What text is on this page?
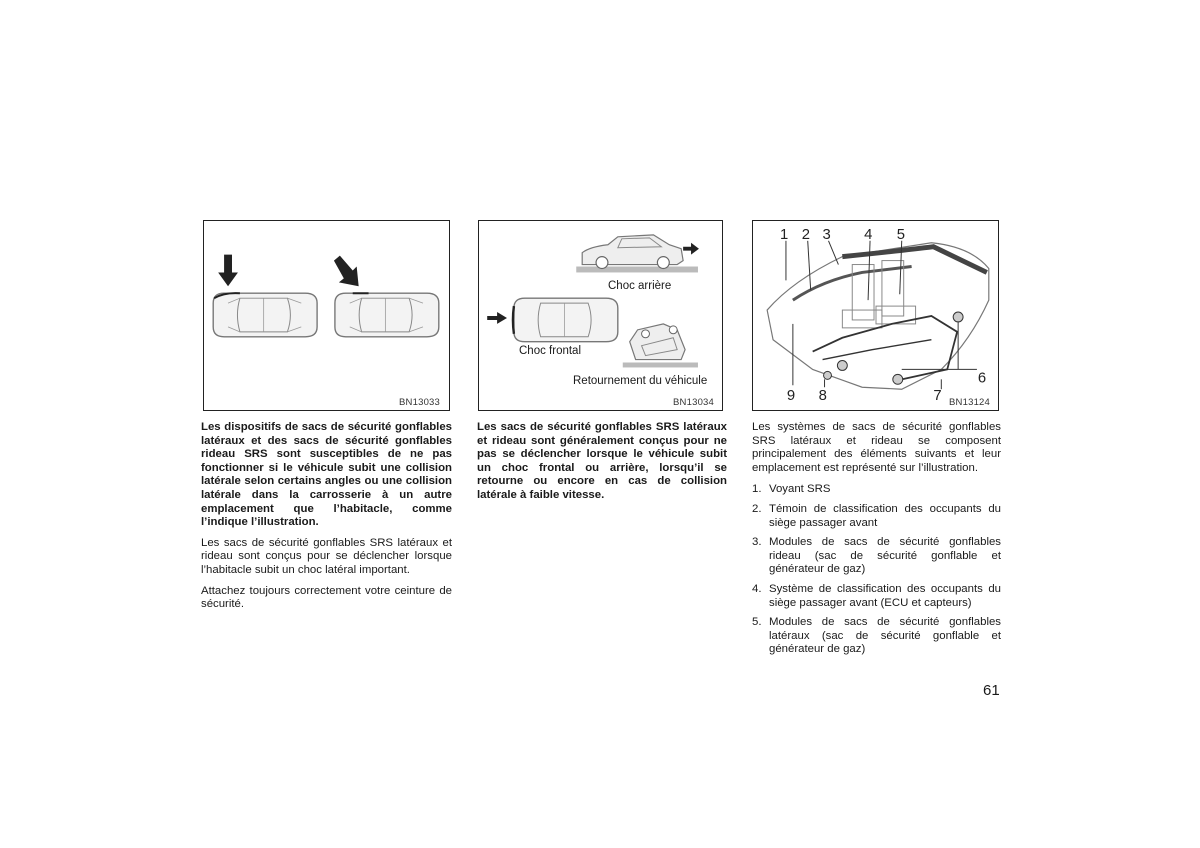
BN13033
Choc arrière
Choc frontal
Retournement du véhicule
BN13034
1 2 3 4 5
6
7
8
9	BN13124

Les dispositifs de sacs de sécurité gonflables latéraux et des sacs de sécurité gonflables rideau SRS sont susceptibles de ne pas fonctionner si le véhicule subit une collision latérale selon certains angles ou une collision latérale dans la carrosserie à un autre emplacement que l’habitacle, comme l’indique l’illustration.

Les sacs de sécurité gonflables SRS latéraux et rideau sont conçus pour se déclencher lorsque l’habitacle subit un choc latéral important.

Attachez toujours correctement votre ceinture de sécurité.

Les sacs de sécurité gonflables SRS latéraux et rideau sont généralement conçus pour ne pas se déclencher lorsque le véhicule subit un choc frontal ou arrière, lorsqu’il se retourne ou encore en cas de collision latérale à faible vitesse.

Les systèmes de sacs de sécurité gonflables SRS latéraux et rideau se composent principalement des éléments suivants et leur emplacement est représenté sur l’illustration.

1. Voyant SRS
2. Témoin de classification des occupants du siège passager avant
3. Modules de sacs de sécurité gonflables rideau (sac de sécurité gonflable et générateur de gaz)
4. Système de classification des occupants du siège passager avant (ECU et capteurs)
5. Modules de sacs de sécurité gonflables latéraux (sac de sécurité gonflable et générateur de gaz)
61
